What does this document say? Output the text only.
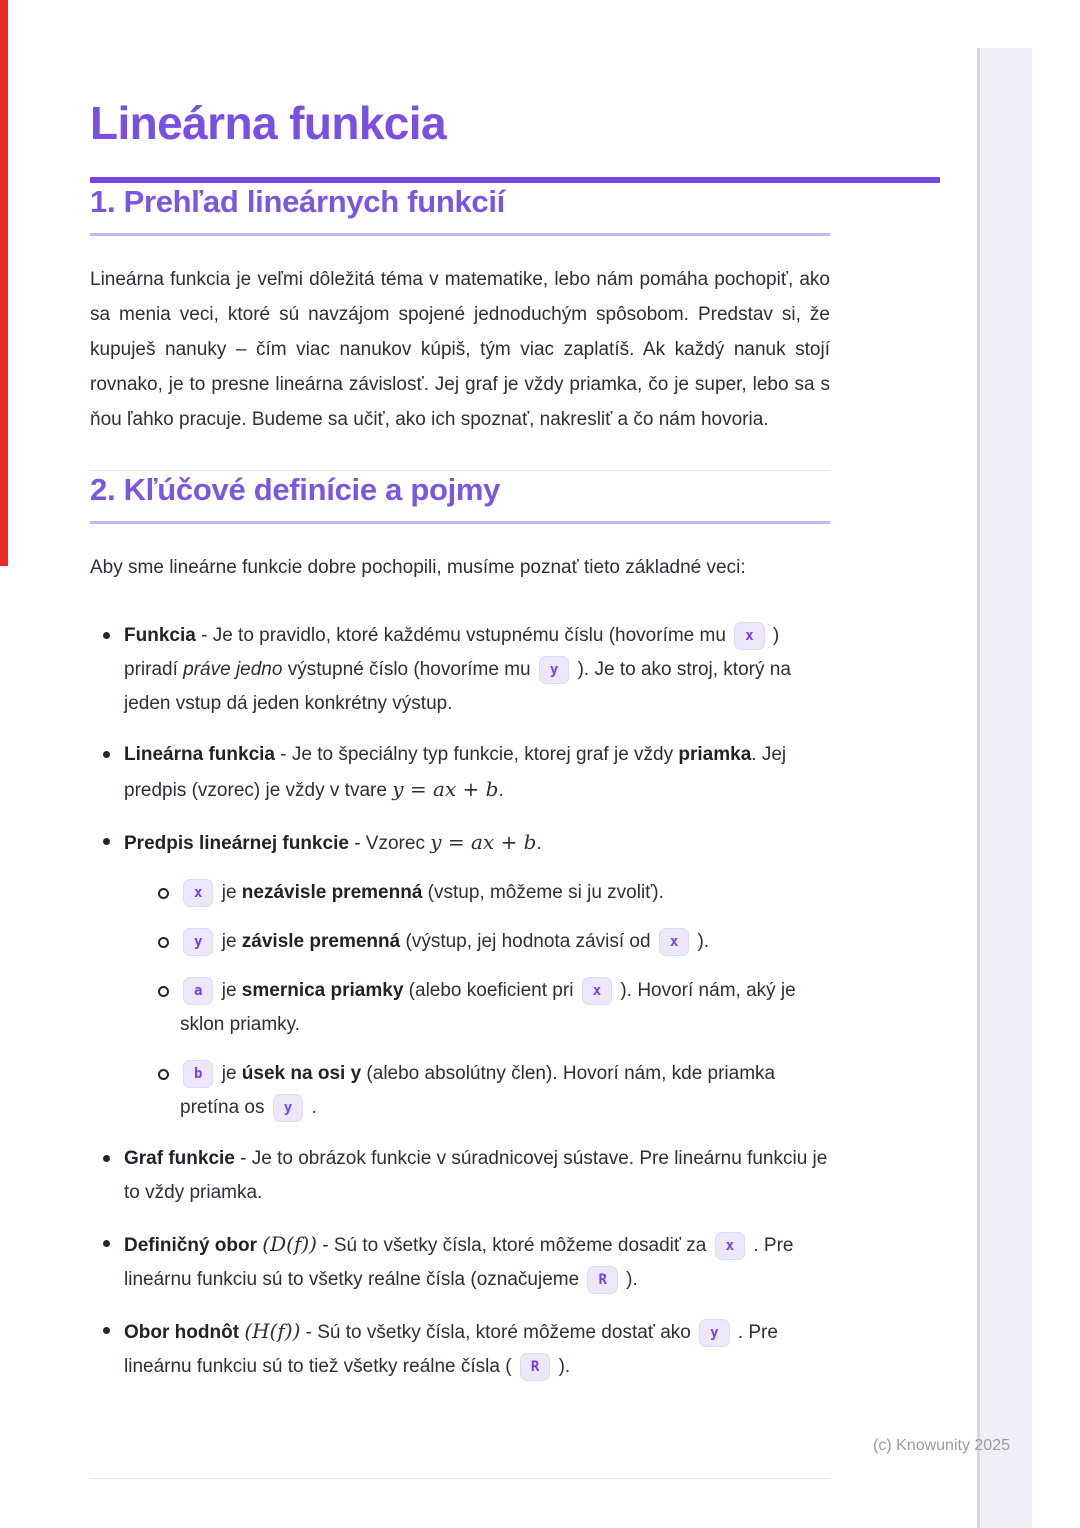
Lineárna funkcia
1. Prehľad lineárnych funkcií

Lineárna funkcia je veľmi dôležitá téma v matematike, lebo nám pomáha pochopiť, ako sa menia veci, ktoré sú navzájom spojené jednoduchým spôsobom. Predstav si, že kupuješ nanuky – čím viac nanukov kúpiš, tým viac zaplatíš. Ak každý nanuk stojí rovnako, je to presne lineárna závislosť. Jej graf je vždy priamka, čo je super, lebo sa s ňou ľahko pracuje. Budeme sa učiť, ako ich spoznať, nakresliť a čo nám hovoria.

2. Kľúčové definície a pojmy

Aby sme lineárne funkcie dobre pochopili, musíme poznať tieto základné veci:

Funkcia - Je to pravidlo, ktoré každému vstupnému číslu (hovoríme mu x ) priradí práve jedno výstupné číslo (hovoríme mu y ). Je to ako stroj, ktorý na jeden vstup dá jeden konkrétny výstup.
Lineárna funkcia - Je to špeciálny typ funkcie, ktorej graf je vždy priamka. Jej predpis (vzorec) je vždy v tvare y = ax + b.
Predpis lineárnej funkcie - Vzorec y = ax + b.
x je nezávisle premenná (vstup, môžeme si ju zvoliť).
y je závisle premenná (výstup, jej hodnota závisí od x ).
a je smernica priamky (alebo koeficient pri x ). Hovorí nám, aký je sklon priamky.
b je úsek na osi y (alebo absolútny člen). Hovorí nám, kde priamka pretína os y .
Graf funkcie - Je to obrázok funkcie v súradnicovej sústave. Pre lineárnu funkciu je to vždy priamka.
Definičný obor (D(f)) - Sú to všetky čísla, ktoré môžeme dosadiť za x . Pre lineárnu funkciu sú to všetky reálne čísla (označujeme R ).
Obor hodnôt (H(f)) - Sú to všetky čísla, ktoré môžeme dostať ako y . Pre lineárnu funkciu sú to tiež všetky reálne čísla ( R ).
(c) Knowunity 2025
